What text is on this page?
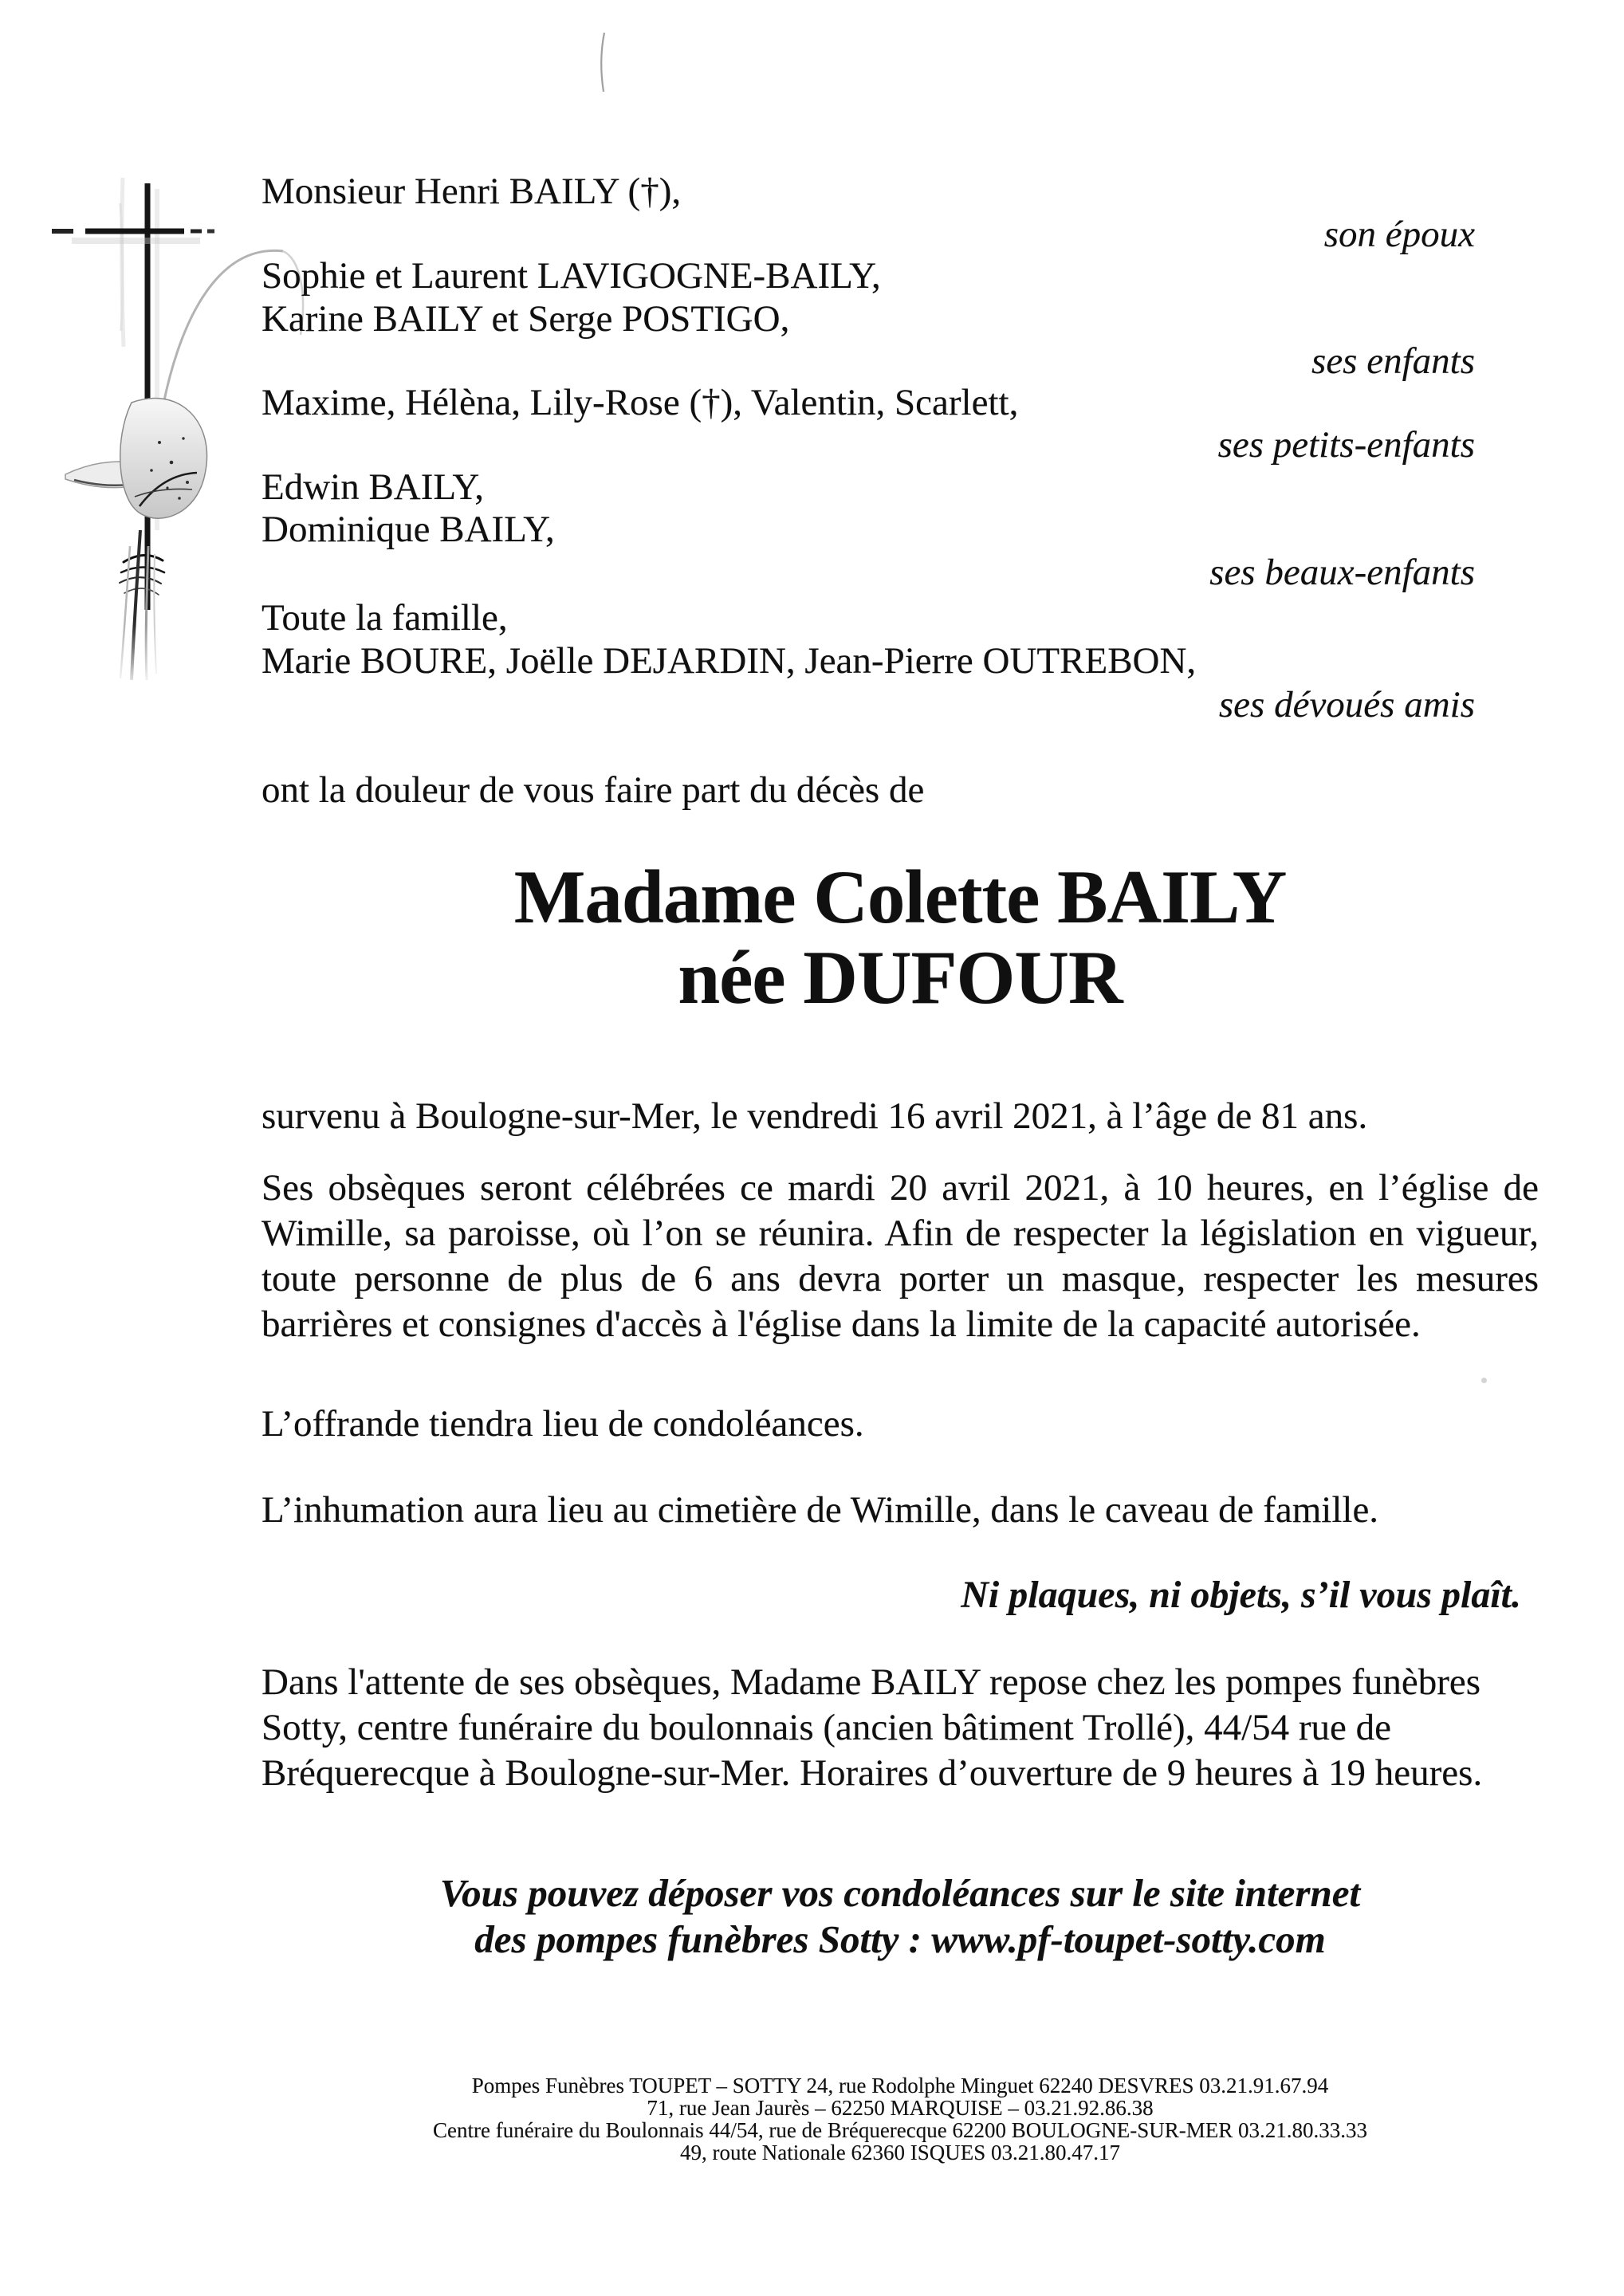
Monsieur Henri BAILY (†),
son époux
Sophie et Laurent LAVIGOGNE-BAILY,
Karine BAILY et Serge POSTIGO,
ses enfants
Maxime, Hélèna, Lily-Rose (†), Valentin, Scarlett,
ses petits-enfants
Edwin BAILY,
Dominique BAILY,
ses beaux-enfants
Toute la famille,
Marie BOURE, Joëlle DEJARDIN, Jean-Pierre OUTREBON,
ses dévoués amis
ont la douleur de vous faire part du décès de
Madame Colette BAILY
née DUFOUR
survenu à Boulogne-sur-Mer, le vendredi 16 avril 2021, à l’âge de 81 ans.
Ses obsèques seront célébrées ce mardi 20 avril 2021, à 10 heures, en l’église de
Wimille, sa paroisse, où l’on se réunira. Afin de respecter la législation en vigueur,
toute personne de plus de 6 ans devra porter un masque, respecter les mesures
barrières et consignes d'accès à l'église dans la limite de la capacité autorisée.
L’offrande tiendra lieu de condoléances.
L’inhumation aura lieu au cimetière de Wimille, dans le caveau de famille.
Ni plaques, ni objets, s’il vous plaît.
Dans l'attente de ses obsèques, Madame BAILY repose chez les pompes funèbres
Sotty, centre funéraire du boulonnais (ancien bâtiment Trollé), 44/54 rue de
Bréquerecque à Boulogne-sur-Mer. Horaires d’ouverture de 9 heures à 19 heures.
Vous pouvez déposer vos condoléances sur le site internet
des pompes funèbres Sotty : www.pf-toupet-sotty.com
Pompes Funèbres TOUPET – SOTTY 24, rue Rodolphe Minguet 62240 DESVRES 03.21.91.67.94
71, rue Jean Jaurès – 62250 MARQUISE – 03.21.92.86.38
Centre funéraire du Boulonnais 44/54, rue de Bréquerecque 62200 BOULOGNE-SUR-MER 03.21.80.33.33
49, route Nationale 62360 ISQUES 03.21.80.47.17
